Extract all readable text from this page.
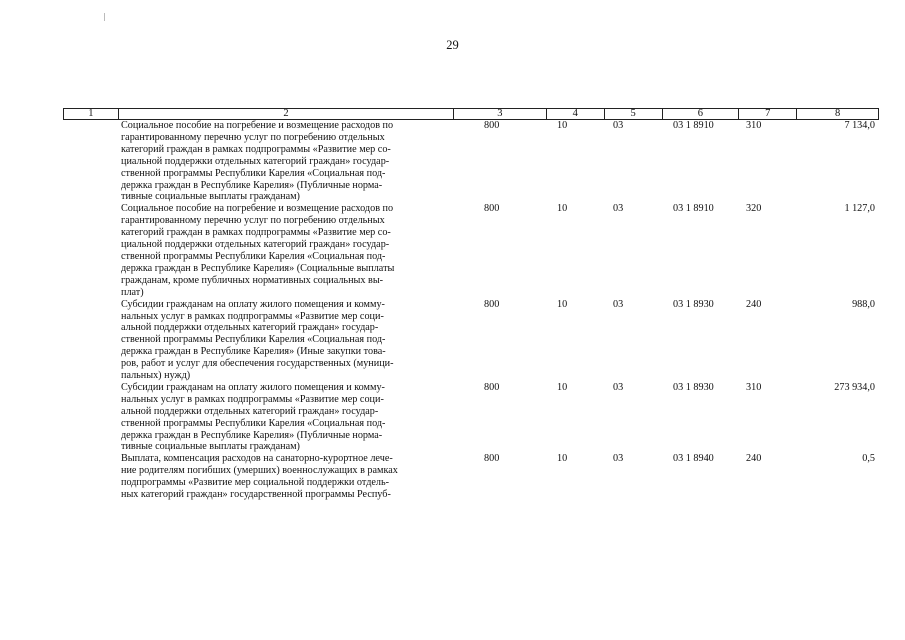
29
1	2	3	4	5	6	7	8
Социальное пособие на погребение и возмещение расходов по
гарантированному перечню услуг по погребению отдельных
категорий граждан в рамках подпрограммы «Развитие мер со-
циальной поддержки отдельных категорий граждан» государ-
ственной программы Республики Карелия «Социальная под-
держка граждан в Республике Карелия» (Публичные норма-
тивные социальные выплаты гражданам)
800	10	03	03 1 8910	310	7 134,0
Социальное пособие на погребение и возмещение расходов по
гарантированному перечню услуг по погребению отдельных
категорий граждан в рамках подпрограммы «Развитие мер со-
циальной поддержки отдельных категорий граждан» государ-
ственной программы Республики Карелия «Социальная под-
держка граждан в Республике Карелия» (Социальные выплаты
гражданам, кроме публичных нормативных социальных вы-
плат)
800	10	03	03 1 8910	320	1 127,0
Субсидии гражданам на оплату жилого помещения и комму-
нальных услуг в рамках подпрограммы «Развитие мер соци-
альной поддержки отдельных категорий граждан» государ-
ственной программы Республики Карелия «Социальная под-
держка граждан в Республике Карелия» (Иные закупки това-
ров, работ и услуг для обеспечения государственных (муници-
пальных) нужд)
800	10	03	03 1 8930	240	988,0
Субсидии гражданам на оплату жилого помещения и комму-
нальных услуг в рамках подпрограммы «Развитие мер соци-
альной поддержки отдельных категорий граждан» государ-
ственной программы Республики Карелия «Социальная под-
держка граждан в Республике Карелия» (Публичные норма-
тивные социальные выплаты гражданам)
800	10	03	03 1 8930	310	273 934,0
Выплата, компенсация расходов на санаторно-курортное лече-
ние родителям погибших (умерших) военнослужащих в рамках
подпрограммы «Развитие мер социальной поддержки отдель-
ных категорий граждан» государственной программы Респуб-
800	10	03	03 1 8940	240	0,5
